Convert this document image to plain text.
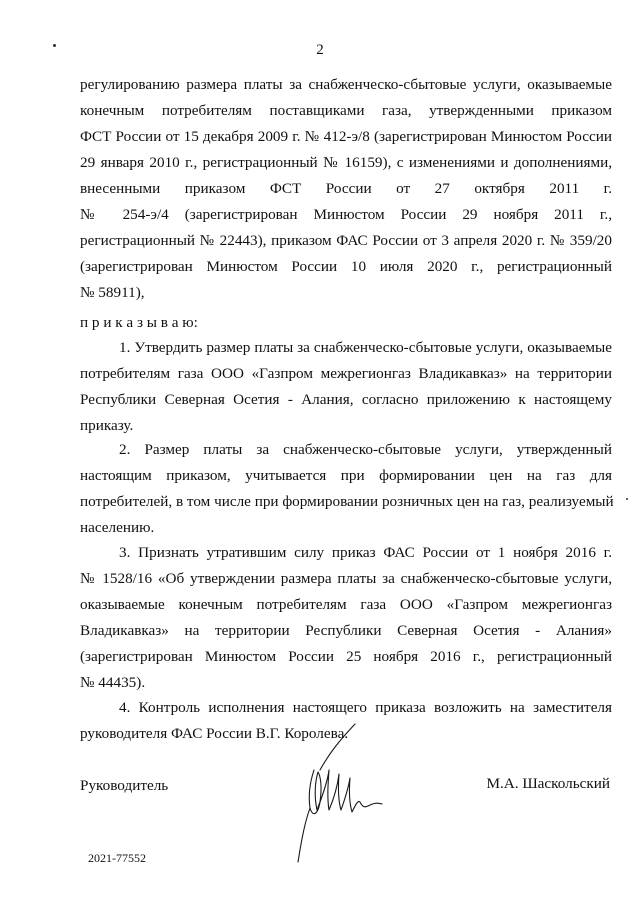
2
регулированию размера платы за снабженческо-сбытовые услуги, оказываемые
конечным потребителям поставщиками газа, утвержденными приказом
ФСТ России от 15 декабря 2009 г. № 412-э/8 (зарегистрирован Минюстом России
29 января 2010 г., регистрационный № 16159), с изменениями и дополнениями,
внесенными приказом ФСТ России от 27 октября 2011 г.
№ 254-э/4 (зарегистрирован Минюстом России 29 ноября 2011 г.,
регистрационный № 22443), приказом ФАС России от 3 апреля 2020 г. № 359/20
(зарегистрирован Минюстом России 10 июля 2020 г., регистрационный
№ 58911),
п р и к а з ы в а ю:
1. Утвердить размер платы за снабженческо-сбытовые услуги, оказываемые
потребителям газа ООО «Газпром межрегионгаз Владикавказ» на территории
Республики Северная Осетия - Алания, согласно приложению к настоящему
приказу.
2. Размер платы за снабженческо-сбытовые услуги, утвержденный
настоящим приказом, учитывается при формировании цен на газ для
потребителей, в том числе при формировании розничных цен на газ, реализуемый
населению.
3. Признать утратившим силу приказ ФАС России от 1 ноября 2016 г.
№ 1528/16 «Об утверждении размера платы за снабженческо-сбытовые услуги,
оказываемые конечным потребителям газа ООО «Газпром межрегионгаз
Владикавказ» на территории Республики Северная Осетия - Алания»
(зарегистрирован Минюстом России 25 ноября 2016 г., регистрационный
№ 44435).
4. Контроль исполнения настоящего приказа возложить на заместителя
руководителя ФАС России В.Г. Королева.
Руководитель	М.А. Шаскольский
2021-77552
